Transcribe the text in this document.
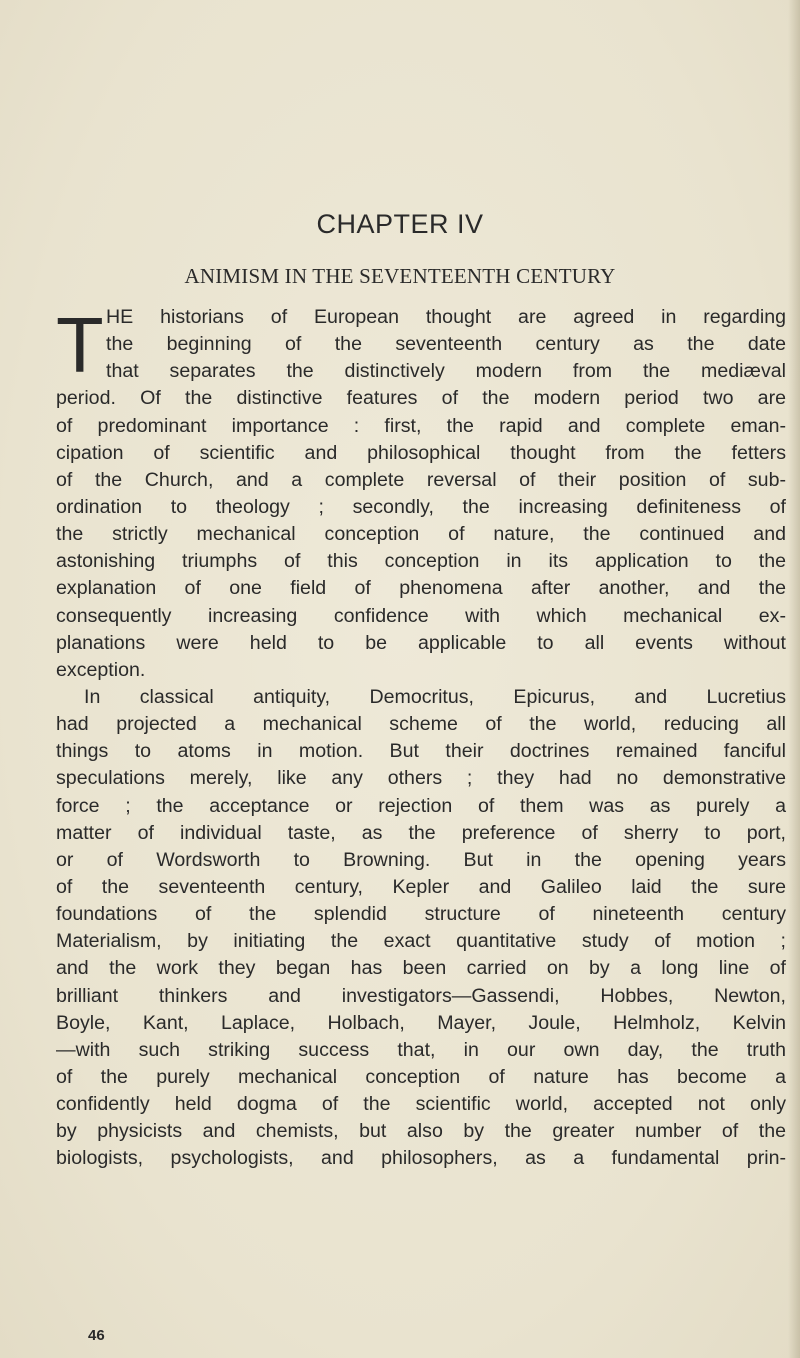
CHAPTER IV
ANIMISM IN THE SEVENTEENTH CENTURY
T HE historians of European thought are agreed in regarding
the beginning of the seventeenth century as the date
that separates the distinctively modern from the mediæval
period. Of the distinctive features of the modern period two are
of predominant importance : first, the rapid and complete eman-
cipation of scientific and philosophical thought from the fetters
of the Church, and a complete reversal of their position of sub-
ordination to theology ; secondly, the increasing definiteness of
the strictly mechanical conception of nature, the continued and
astonishing triumphs of this conception in its application to the
explanation of one field of phenomena after another, and the
consequently increasing confidence with which mechanical ex-
planations were held to be applicable to all events without
exception.
In classical antiquity, Democritus, Epicurus, and Lucretius
had projected a mechanical scheme of the world, reducing all
things to atoms in motion. But their doctrines remained fanciful
speculations merely, like any others ; they had no demonstrative
force ; the acceptance or rejection of them was as purely a
matter of individual taste, as the preference of sherry to port,
or of Wordsworth to Browning. But in the opening years
of the seventeenth century, Kepler and Galileo laid the sure
foundations of the splendid structure of nineteenth century
Materialism, by initiating the exact quantitative study of motion ;
and the work they began has been carried on by a long line of
brilliant thinkers and investigators—Gassendi, Hobbes, Newton,
Boyle, Kant, Laplace, Holbach, Mayer, Joule, Helmholz, Kelvin
—with such striking success that, in our own day, the truth
of the purely mechanical conception of nature has become a
confidently held dogma of the scientific world, accepted not only
by physicists and chemists, but also by the greater number of the
biologists, psychologists, and philosophers, as a fundamental prin-
46
